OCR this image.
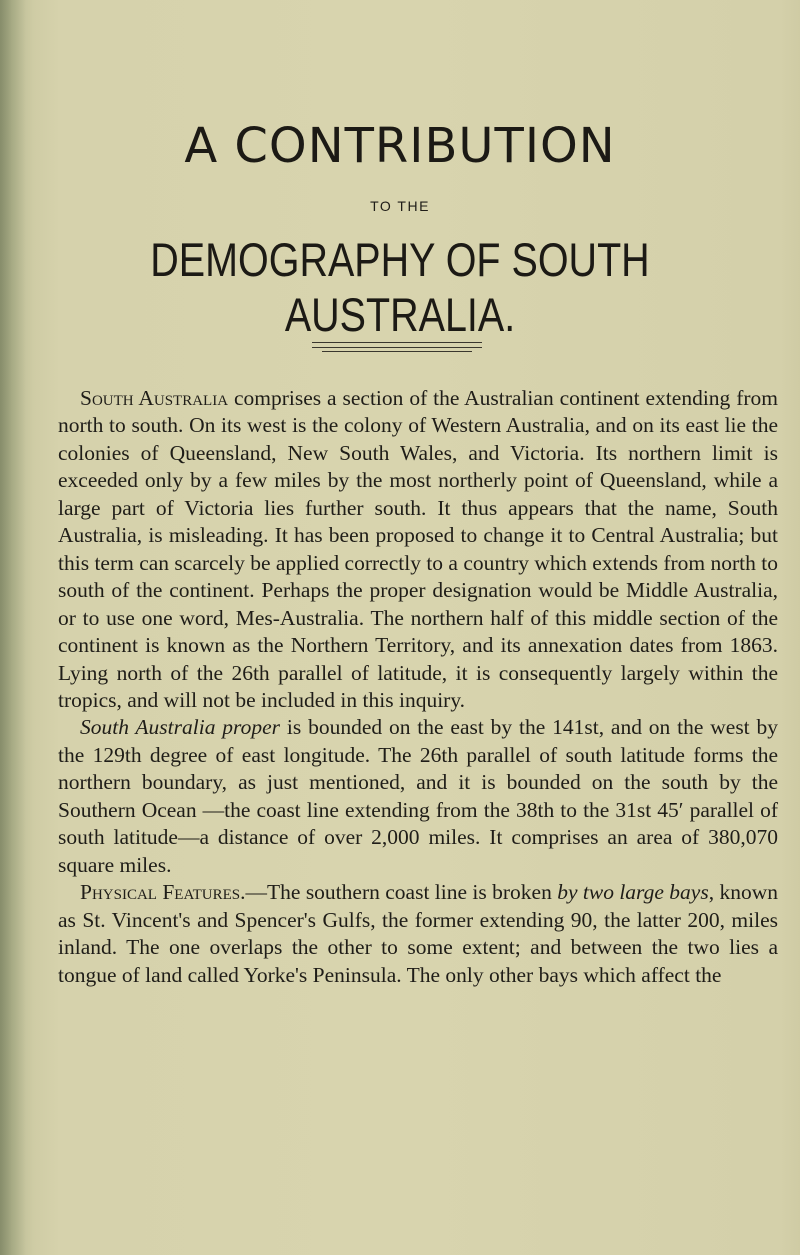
A CONTRIBUTION
TO THE
DEMOGRAPHY OF SOUTH AUSTRALIA.

South Australia comprises a section of the Australian continent extending from north to south. On its west is the colony of Western Australia, and on its east lie the colonies of Queensland, New South Wales, and Victoria. Its northern limit is exceeded only by a few miles by the most northerly point of Queensland, while a large part of Victoria lies further south. It thus appears that the name, South Australia, is misleading. It has been proposed to change it to Central Australia; but this term can scarcely be applied correctly to a country which extends from north to south of the continent. Perhaps the proper designation would be Middle Australia, or to use one word, Mes-Australia. The northern half of this middle section of the continent is known as the Northern Territory, and its annexation dates from 1863. Lying north of the 26th parallel of latitude, it is consequently largely within the tropics, and will not be included in this inquiry.

South Australia proper is bounded on the east by the 141st, and on the west by the 129th degree of east longitude. The 26th parallel of south latitude forms the northern boundary, as just mentioned, and it is bounded on the south by the Southern Ocean —the coast line extending from the 38th to the 31st 45′ parallel of south latitude—a distance of over 2,000 miles. It comprises an area of 380,070 square miles.

Physical Features.—The southern coast line is broken by two large bays, known as St. Vincent's and Spencer's Gulfs, the former extending 90, the latter 200, miles inland. The one overlaps the other to some extent; and between the two lies a tongue of land called Yorke's Peninsula. The only other bays which affect the
